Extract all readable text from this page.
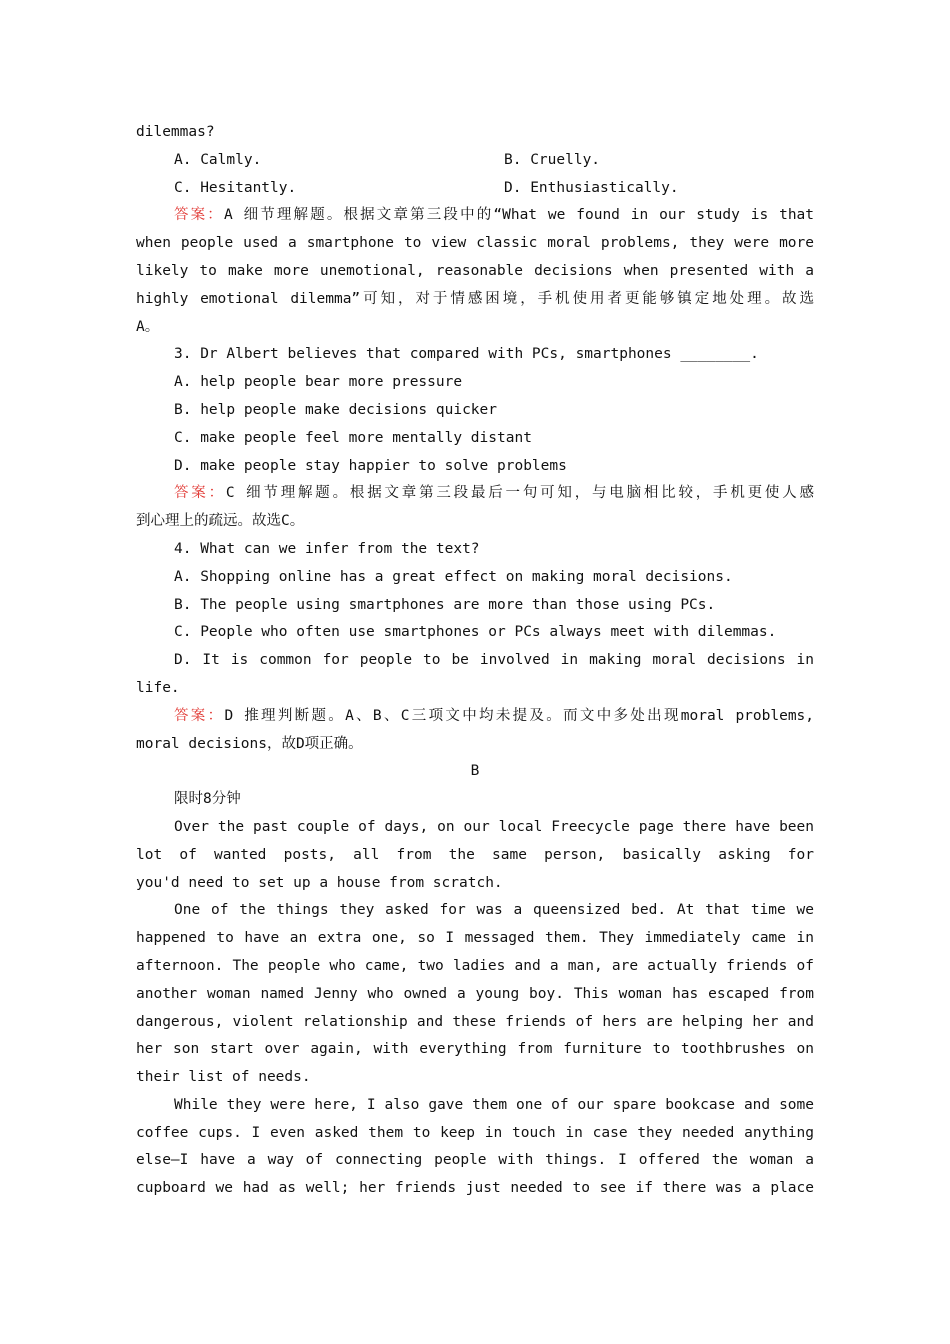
dilemmas?
A. Calmly.	B. Cruelly.
C. Hesitantly.	D. Enthusiastically.
答案：A 细节理解题。根据文章第三段中的“What we found in our study is that
when people used a smartphone to view classic moral problems, they were more
likely to make more unemotional, reasonable decisions when presented with a
highly emotional dilemma”可知，对于情感困境，手机使用者更能够镇定地处理。故选
A。
3. Dr Albert believes that compared with PCs, smartphones ________.
A. help people bear more pressure
B. help people make decisions quicker
C. make people feel more mentally distant
D. make people stay happier to solve problems
答案：C 细节理解题。根据文章第三段最后一句可知，与电脑相比较，手机更使人感
到心理上的疏远。故选C。
4. What can we infer from the text?
A. Shopping online has a great effect on making moral decisions.
B. The people using smartphones are more than those using PCs.
C. People who often use smartphones or PCs always meet with dilemmas.
D. It is common for people to be involved in making moral decisions in
life.
答案：D 推理判断题。A、B、C三项文中均未提及。而文中多处出现moral problems,
moral decisions，故D项正确。
B
限时8分钟
Over the past couple of days, on our local Freecycle page there have been
lot of wanted posts, all from the same person, basically asking for
you'd need to set up a house from scratch.
One of the things they asked for was a queensized bed. At that time we
happened to have an extra one, so I messaged them. They immediately came in
afternoon. The people who came, two ladies and a man, are actually friends of
another woman named Jenny who owned a young boy. This woman has escaped from
dangerous, violent relationship and these friends of hers are helping her and
her son start over again, with everything from furniture to toothbrushes on
their list of needs.
While they were here, I also gave them one of our spare bookcase and some
coffee cups. I even asked them to keep in touch in case they needed anything
else—I have a way of connecting people with things. I offered the woman a
cupboard we had as well; her friends just needed to see if there was a place
